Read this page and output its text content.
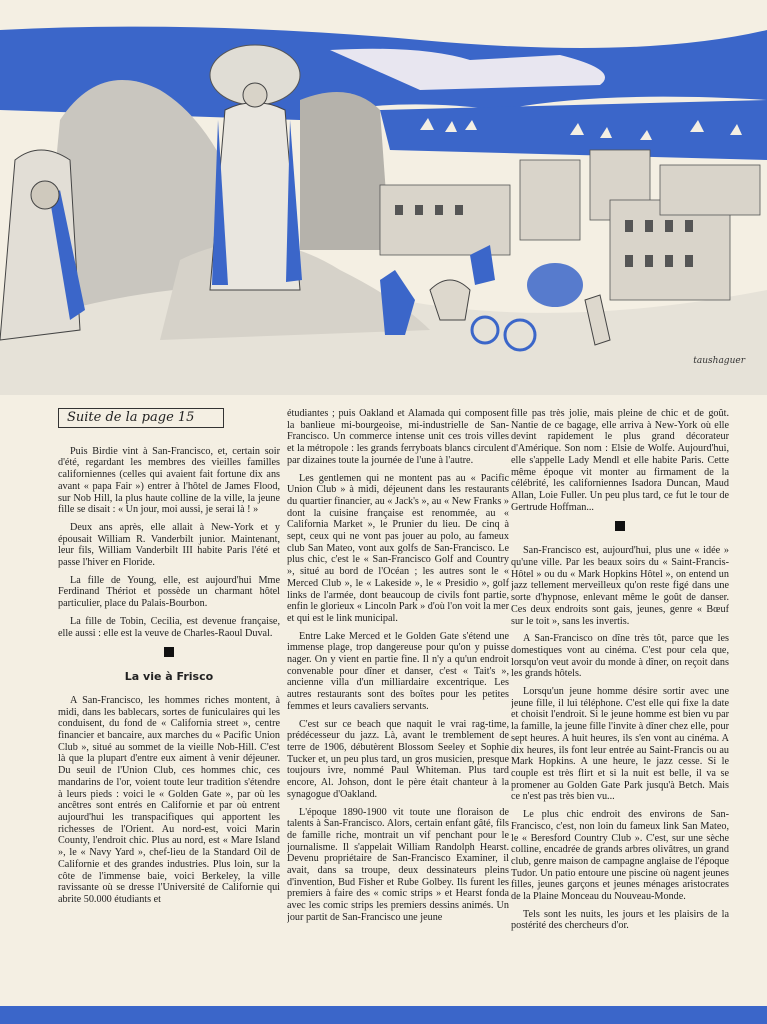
taushaguer
Suite de la page 15

Puis Birdie vint à San-Francisco, et, certain soir d'été, regardant les membres des vieilles familles californiennes (celles qui avaient fait fortune dix ans avant « papa Fair ») entrer à l'hôtel de James Flood, sur Nob Hill, la plus haute colline de la ville, la jeune fille se disait : « Un jour, moi aussi, je serai là ! »

Deux ans après, elle allait à New-York et y épousait William R. Vanderbilt junior. Maintenant, leur fils, William Vanderbilt III habite Paris l'été et passe l'hiver en Floride.

La fille de Young, elle, est aujourd'hui Mme Ferdinand Thériot et possède un charmant hôtel particulier, place du Palais-Bourbon.

La fille de Tobin, Cecilia, est devenue française, elle aussi : elle est la veuve de Charles-Raoul Duval.

La vie à Frisco

A San-Francisco, les hommes riches montent, à midi, dans les bablecars, sortes de funiculaires qui les conduisent, du fond de « California street », centre financier et bancaire, aux marches du « Pacific Union Club », situé au sommet de la vieille Nob-Hill. C'est là que la plupart d'entre eux aiment à venir déjeuner. Du seuil de l'Union Club, ces hommes chic, ces mandarins de l'or, voient toute leur tradition s'étendre à leurs pieds : voici le « Golden Gate », par où les ancêtres sont entrés en Californie et par où entrent aujourd'hui les transpacifiques qui apportent les richesses de l'Orient. Au nord-est, voici Marin County, l'endroit chic. Plus au nord, est « Mare Island », le « Navy Yard », chef-lieu de la Standard Oil de Californie et des grandes industries. Plus loin, sur la côte de l'immense baie, voici Berkeley, la ville ravissante où se dresse l'Université de Californie qui abrite 50.000 étudiants et

étudiantes ; puis Oakland et Alamada qui composent la banlieue mi-bourgeoise, mi-industrielle de San-Francisco. Un commerce intense unit ces trois villes et la métropole : les grands ferryboats blancs circulent par dizaines toute la journée de l'une à l'autre.

Les gentlemen qui ne montent pas au « Pacific Union Club » à midi, déjeunent dans les restaurants du quartier financier, au « Jack's », au « New Franks » dont la cuisine française est renommée, au « California Market », le Prunier du lieu. De cinq à sept, ceux qui ne vont pas jouer au polo, au fameux club San Mateo, vont aux golfs de San-Francisco. Le plus chic, c'est le « San-Francisco Golf and Country », situé au bord de l'Océan ; les autres sont le « Merced Club », le « Lakeside », le « Presidio », golf links de l'armée, dont beaucoup de civils font partie, enfin le glorieux « Lincoln Park » d'où l'on voit la mer et qui est le link municipal.

Entre Lake Merced et le Golden Gate s'étend une immense plage, trop dangereuse pour qu'on y puisse nager. On y vient en partie fine. Il n'y a qu'un endroit convenable pour dîner et danser, c'est « Tait's », ancienne villa d'un milliardaire excentrique. Les autres restaurants sont des boîtes pour les petites femmes et leurs cavaliers servants.

C'est sur ce beach que naquit le vrai rag-time, prédécesseur du jazz. Là, avant le tremblement de terre de 1906, débutèrent Blossom Seeley et Sophie Tucker et, un peu plus tard, un gros musicien, presque toujours ivre, nommé Paul Whiteman. Plus tard encore, Al. Johson, dont le père était chanteur à la synagogue d'Oakland.

L'époque 1890-1900 vit toute une floraison de talents à San-Francisco. Alors, certain enfant gâté, fils de famille riche, montrait un vif penchant pour le journalisme. Il s'appelait William Randolph Hearst. Devenu propriétaire de San-Francisco Examiner, il avait, dans sa troupe, deux dessinateurs pleins d'invention, Bud Fisher et Rube Golbey. Ils furent les premiers à faire des « comic strips » et Hearst fonda avec les comic strips les premiers dessins animés. Un jour partit de San-Francisco une jeune

fille pas très jolie, mais pleine de chic et de goût. Nantie de ce bagage, elle arriva à New-York où elle devint rapidement le plus grand décorateur d'Amérique. Son nom : Elsie de Wolfe. Aujourd'hui, elle s'appelle Lady Mendl et elle habite Paris. Cette même époque vit monter au firmament de la célébrité, les californiennes Isadora Duncan, Maud Allan, Loie Fuller. Un peu plus tard, ce fut le tour de Gertrude Hoffman...

San-Francisco est, aujourd'hui, plus une « idée » qu'une ville. Par les beaux soirs du « Saint-Francis-Hôtel » ou du « Mark Hopkins Hôtel », on entend un jazz tellement merveilleux qu'on reste figé dans une sorte d'hypnose, enlevant même le goût de danser. Ces deux endroits sont gais, jeunes, genre « Bœuf sur le toit », sans les invertis.

A San-Francisco on dîne très tôt, parce que les domestiques vont au cinéma. C'est pour cela que, lorsqu'on veut avoir du monde à dîner, on reçoit dans les grands hôtels.

Lorsqu'un jeune homme désire sortir avec une jeune fille, il lui téléphone. C'est elle qui fixe la date et choisit l'endroit. Si le jeune homme est bien vu par la famille, la jeune fille l'invite à dîner chez elle, pour sept heures. A huit heures, ils s'en vont au cinéma. A dix heures, ils font leur entrée au Saint-Francis ou au Mark Hopkins. A une heure, le jazz cesse. Si le couple est très flirt et si la nuit est belle, il va se promener au Golden Gate Park jusqu'à Betch. Mais ce n'est pas très bien vu...

Le plus chic endroit des environs de San-Francisco, c'est, non loin du fameux link San Mateo, le « Beresford Country Club ». C'est, sur une sèche colline, encadrée de grands arbres olivâtres, un grand club, genre maison de campagne anglaise de l'époque Tudor. Un patio entoure une piscine où nagent jeunes filles, jeunes garçons et jeunes ménages aristocrates de la Plaine Monceau du Nouveau-Monde.

Tels sont les nuits, les jours et les plaisirs de la postérité des chercheurs d'or.
